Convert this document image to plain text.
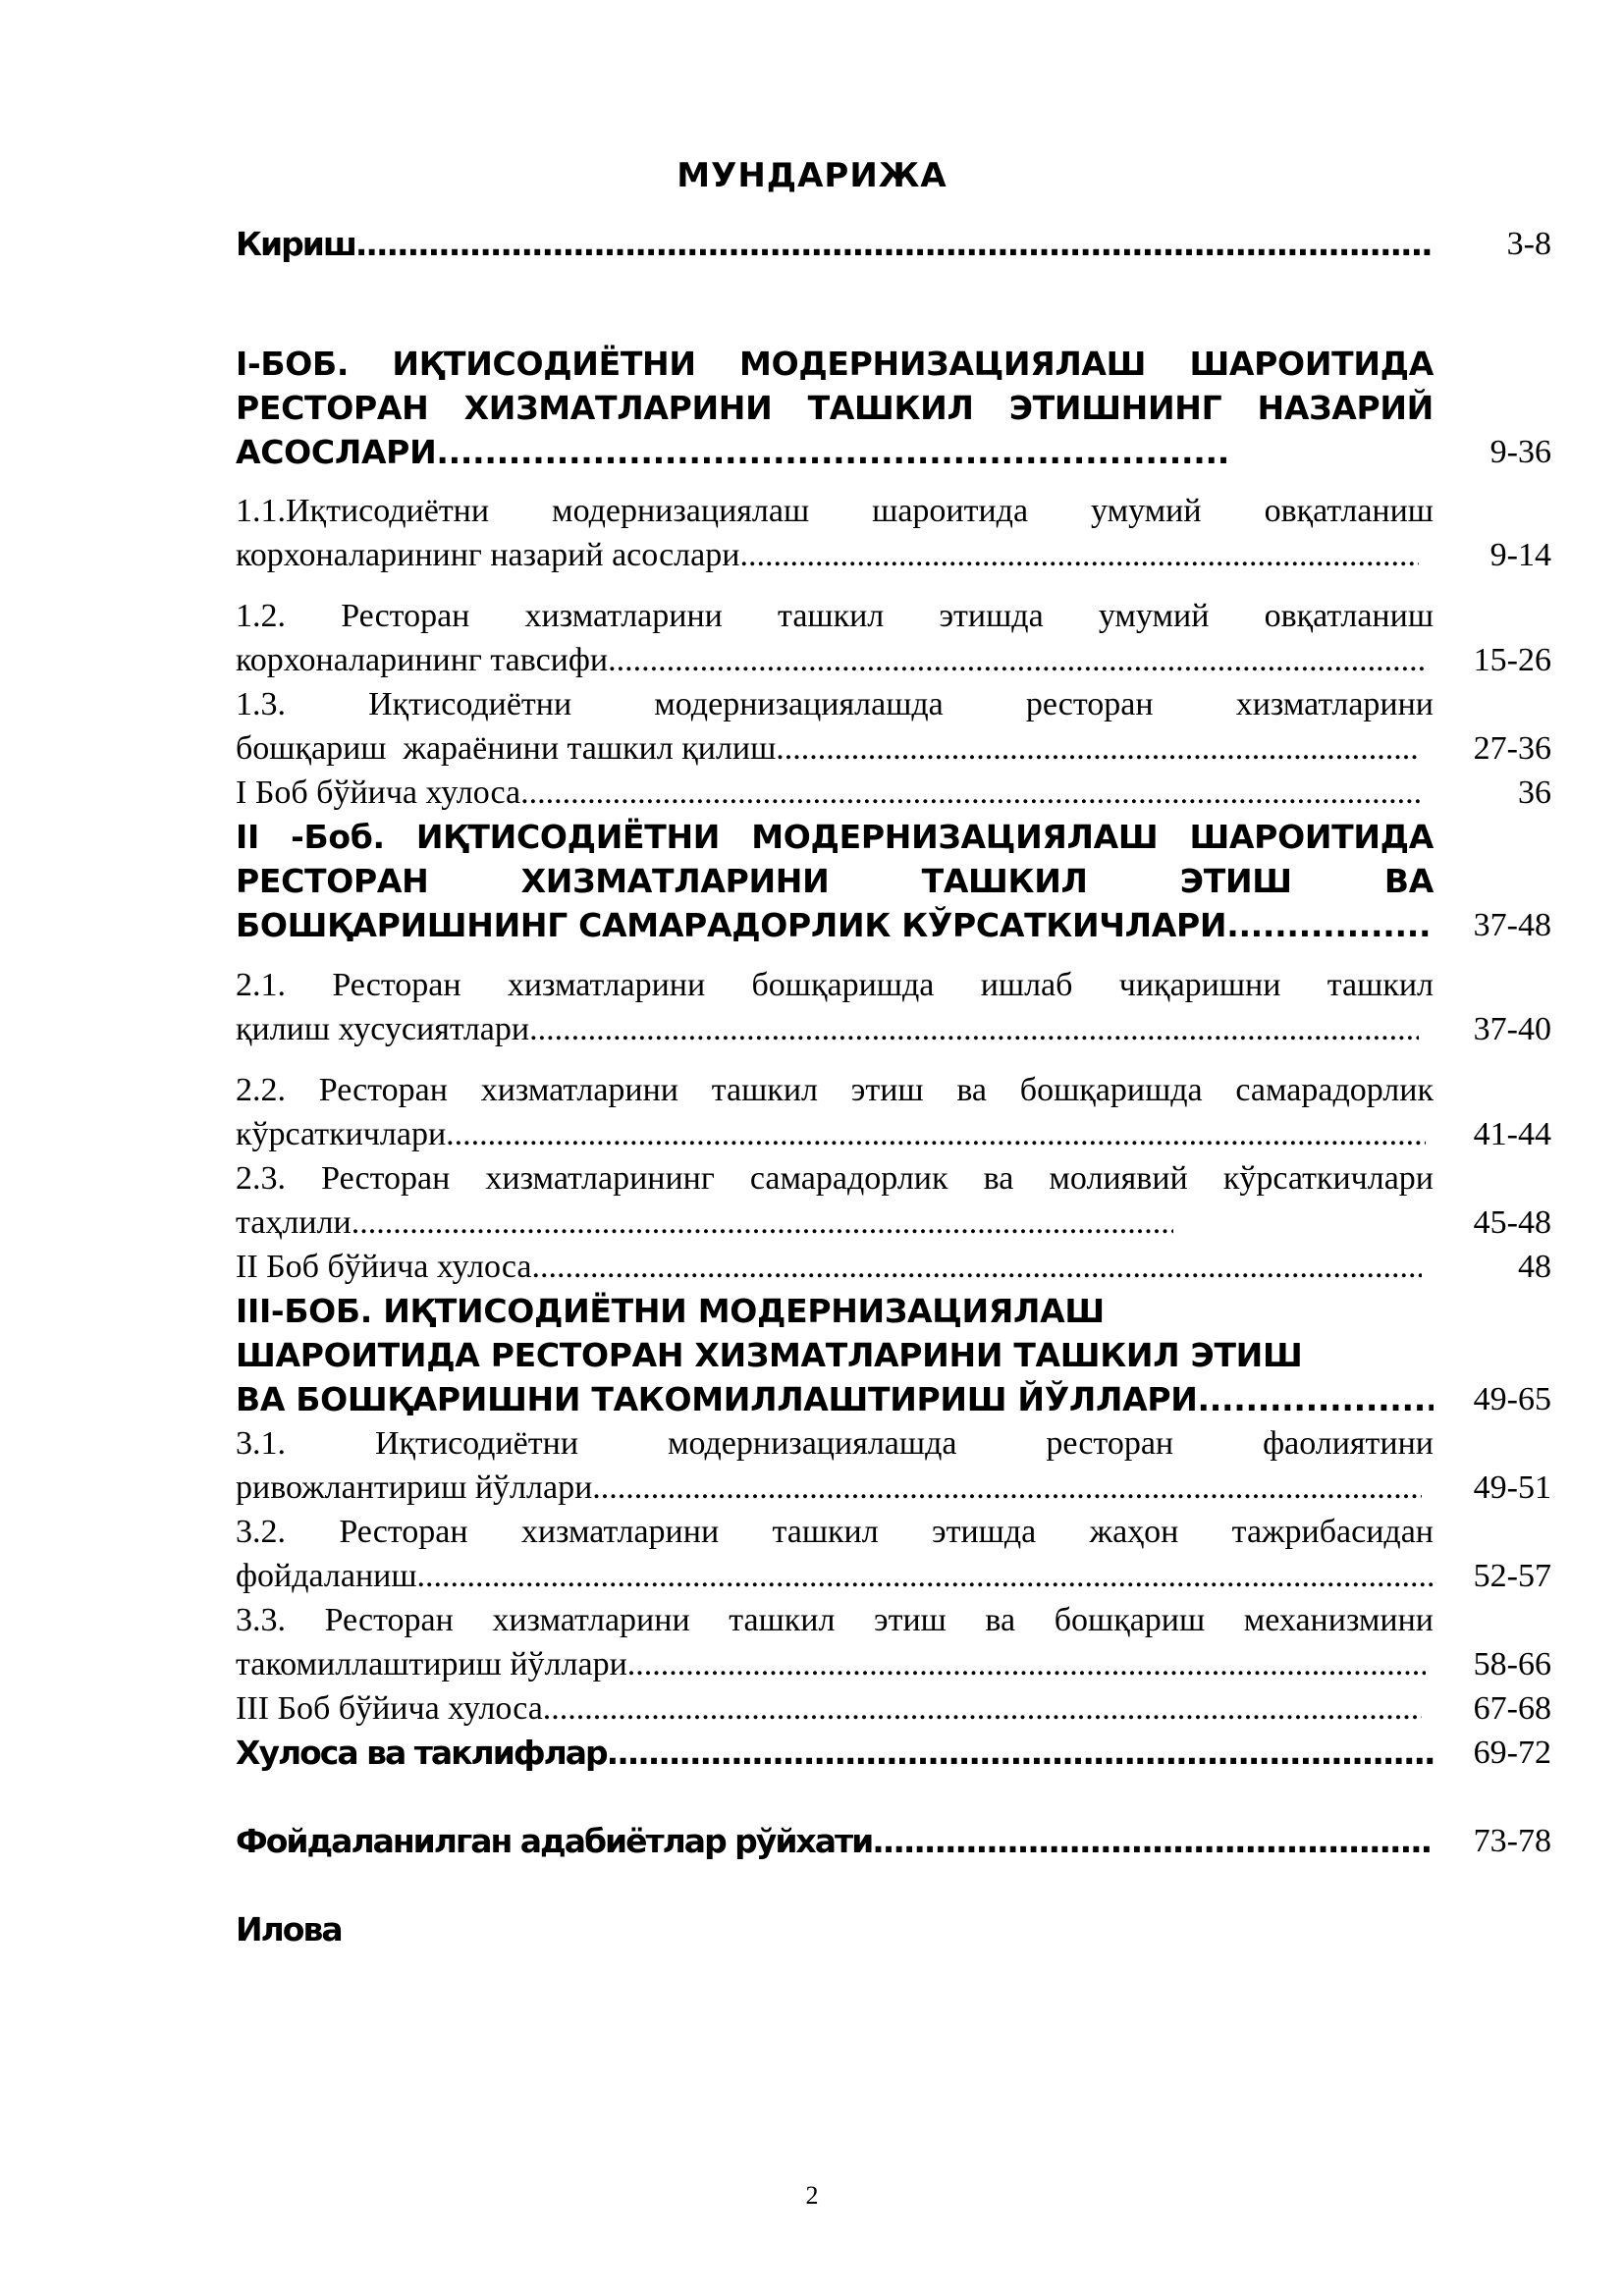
МУНДАРИЖА
Кириш .....	3-8
I-БОБ. ИҚТИСОДИЁТНИ МОДЕРНИЗАЦИЯЛАШ ШАРОИТИДА
РЕСТОРАН ХИЗМАТЛАРИНИ ТАШКИЛ ЭТИШНИНГ НАЗАРИЙ
АСОСЛАРИ .....	9-36
1.1.Иқтисодиётни модернизациялаш шароитида умумий овқатланиш
корхоналарининг назарий асослари .....	9-14
1.2. Ресторан хизматларини ташкил этишда умумий овқатланиш
корхоналарининг тавсифи .....	15-26
1.3. Иқтисодиётни модернизациялашда ресторан хизматларини
бошқариш  жараёнини ташкил қилиш .....	27-36
I Боб бўйича хулоса .....	36
II -Боб. ИҚТИСОДИЁТНИ МОДЕРНИЗАЦИЯЛАШ ШАРОИТИДА
РЕСТОРАН ХИЗМАТЛАРИНИ ТАШКИЛ ЭТИШ ВА
БОШҚАРИШНИНГ САМАРАДОРЛИК КЎРСАТКИЧЛАРИ .....	37-48
2.1. Ресторан хизматларини бошқаришда ишлаб чиқаришни ташкил
қилиш хусусиятлари .....	37-40
2.2. Ресторан хизматларини ташкил этиш ва бошқаришда самарадорлик
кўрсаткичлари .....	41-44
2.3. Ресторан хизматларининг самарадорлик ва молиявий кўрсаткичлари
таҳлили .....	45-48
II Боб бўйича хулоса .....	48
III-БОБ. ИҚТИСОДИЁТНИ МОДЕРНИЗАЦИЯЛАШ
ШАРОИТИДА РЕСТОРАН ХИЗМАТЛАРИНИ ТАШКИЛ ЭТИШ
ВА БОШҚАРИШНИ ТАКОМИЛЛАШТИРИШ ЙЎЛЛАРИ .....	49-65
3.1. Иқтисодиётни модернизациялашда ресторан фаолиятини
ривожлантириш йўллари .....	49-51
3.2. Ресторан хизматларини ташкил этишда жаҳон тажрибасидан
фойдаланиш .....	52-57
3.3. Ресторан хизматларини ташкил этиш ва бошқариш механизмини
такомиллаштириш йўллари .....	58-66
III Боб бўйича хулоса .....	67-68
Хулоса ва таклифлар .....	69-72
Фойдаланилган адабиётлар рўйхати .....	73-78
Илова
2
